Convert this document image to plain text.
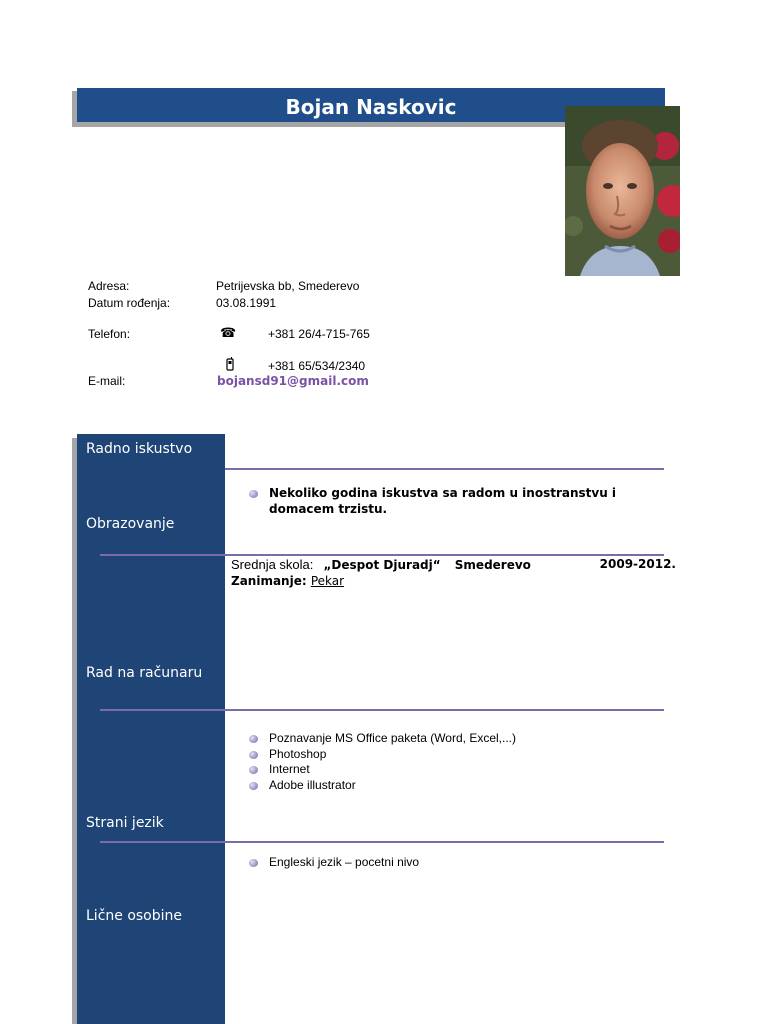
Bojan Naskovic
Adresa:	Petrijevska bb, Smederevo
Datum rođenja:	03.08.1991
Telefon:	☎	+381 26/4-715-765
+381 65/534/2340
E-mail:	bojansd91@gmail.com
Radno iskustvo
Obrazovanje
Rad na računaru
Strani jezik
Lične osobine
Nekoliko godina iskustva sa radom u inostranstvu i domacem trzistu.
Srednja skola: „Despot Djuradj“ Smederevo	2009-2012.
Zanimanje: Pekar
Poznavanje MS Office paketa (Word, Excel,...)
Photoshop
Internet
Adobe illustrator
Engleski jezik – pocetni nivo
